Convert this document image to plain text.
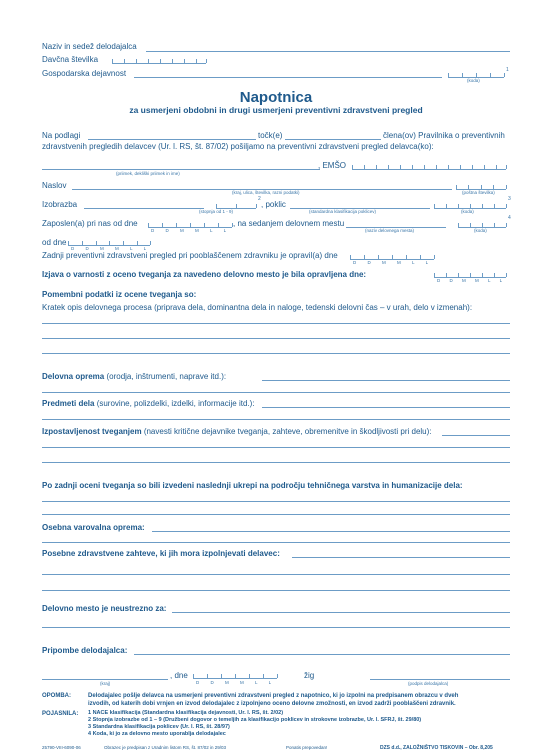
Naziv in sedež delodajalca
Davčna številka
Gospodarska dejavnost	1
(koda)
Napotnica
za usmerjeni obdobni in drugi usmerjeni preventivni zdravstveni pregled
Na podlagi	točk(e)	člena(ov) Pravilnika o preventivnih
zdravstvenih pregledih delavcev (Ur. l. RS, št. 87/02) pošiljamo na preventivni zdravstveni pregled delavca(ko):
(priimek, dekliški priimek in ime)
, EMŠO
Naslov
(kraj, ulica, številka, razni podatki)	(poštna številka)
Izobrazba
2
(stopnja od 1 - 9)
, poklic
(standardna klasifikacija poklicev)
3
(koda)
Zaposlen(a) pri nas od dne
D D M M L L
, na sedanjem delovnem mestu
(naziv delovnega mesta)
4
(koda)
od dne
D D M M L L
Zadnji preventivni zdravstveni pregled pri pooblaščenem zdravniku je opravil(a) dne
D D M M L L
Izjava o varnosti z oceno tveganja za navedeno delovno mesto je bila opravljena dne:
D D M M L L
Pomembni podatki iz ocene tveganja so:
Kratek opis delovnega procesa (priprava dela, dominantna dela in naloge, tedenski delovni čas – v urah, delo v izmenah):
Delovna oprema (orodja, inštrumenti, naprave itd.):
Predmeti dela (surovine, polizdelki, izdelki, informacije itd.):
Izpostavljenost tveganjem (navesti kritične dejavnike tveganja, zahteve, obremenitve in škodljivosti pri delu):
Po zadnji oceni tveganja so bili izvedeni naslednji ukrepi na področju tehničnega varstva in humanizacije dela:
Osebna varovalna oprema:
Posebne zdravstvene zahteve, ki jih mora izpolnjevati delavec:
Delovno mesto je neustrezno za:
Pripombe delodajalca:
(kraj)
, dne
D D M M L L
žig
(podpis delodajalca)
OPOMBA:	Delodajalec pošlje delavca na usmerjeni preventivni zdravstveni pregled z napotnico, ki jo izpolni na predpisanem obrazcu v dveh
izvodih, od katerih dobi vrnjen en izvod delodajalec z izpolnjeno oceno delovne zmožnosti, en izvod zadrži pooblaščeni zdravnik.
POJASNILA: 1 NACE klasifikacija (Standardna klasifikacija dejavnosti, Ur. l. RS, št. 2/02)
2 Stopnja izobrazbe od 1 – 9 (Družbeni dogovor o temeljih za klasifikacijo poklicev in strokovne izobrazbe, Ur. l. SFRJ, št. 29/80)
3 Standardna klasifikacija poklicev (Ur. l. RS, št. 28/97)
4 Koda, ki jo za delovno mesto uporablja delodajalec
25790-VIII-6090-06	Obrazec je predpisan z Uradnim listom RS, št. 87/02 in 29/03	Ponatis prepovedan!	DZS d.d., ZALOŽNIŠTVO TISKOVIN – Obr. 8,205
